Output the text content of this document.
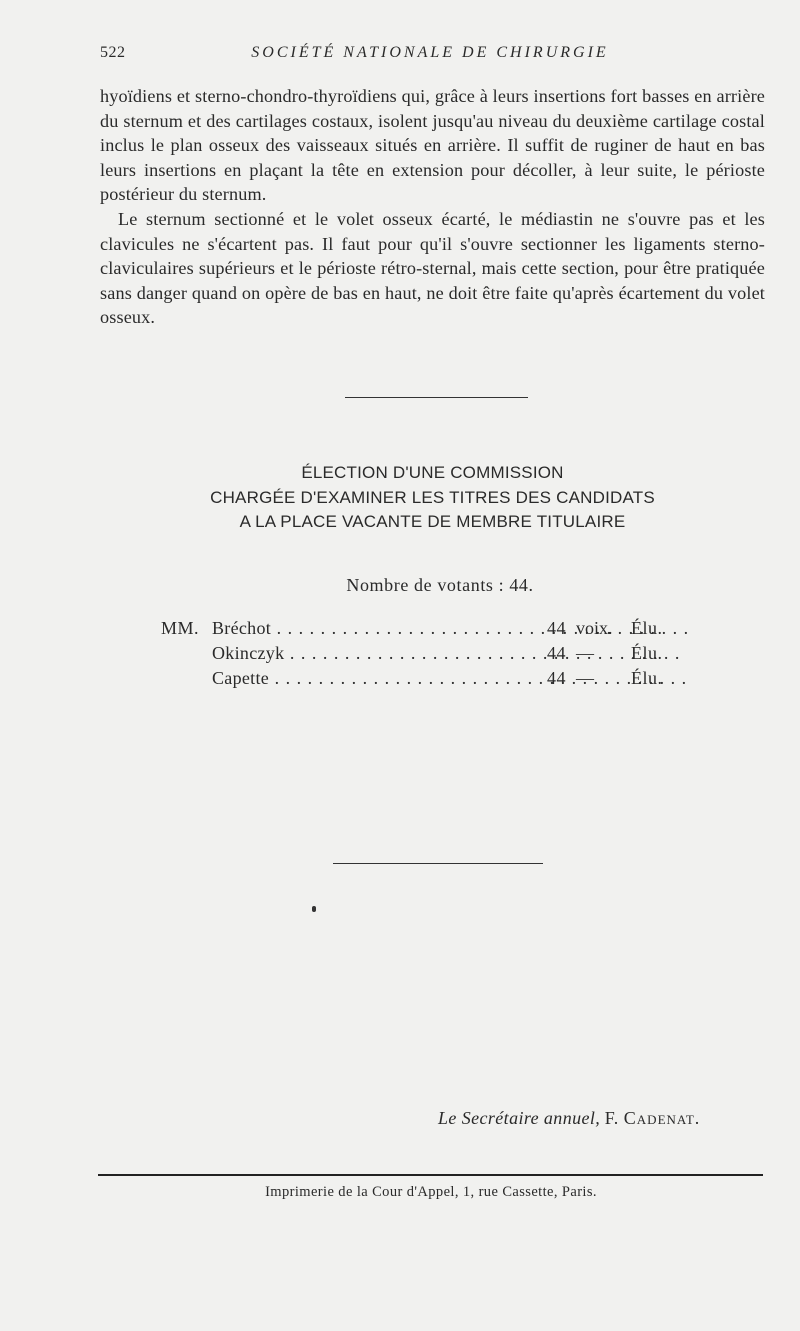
522	SOCIÉTÉ NATIONALE DE CHIRURGIE

hyoïdiens et sterno-chondro-thyroïdiens qui, grâce à leurs insertions fort basses en arrière du sternum et des cartilages costaux, isolent jusqu'au niveau du deuxième cartilage costal inclus le plan osseux des vaisseaux situés en arrière. Il suffit de ruginer de haut en bas leurs insertions en plaçant la tête en extension pour décoller, à leur suite, le périoste postérieur du sternum.

Le sternum sectionné et le volet osseux écarté, le médiastin ne s'ouvre pas et les clavicules ne s'écartent pas. Il faut pour qu'il s'ouvre sectionner les ligaments sterno-claviculaires supérieurs et le périoste rétro-sternal, mais cette section, pour être pratiquée sans danger quand on opère de bas en haut, ne doit être faite qu'après écartement du volet osseux.

ÉLECTION D'UNE COMMISSION
CHARGÉE D'EXAMINER LES TITRES DES CANDIDATS
A LA PLACE VACANTE DE MEMBRE TITULAIRE
Nombre de votants : 44.
MM. Bréchot . . .	44 voix. Élu.
Okinczyk . . .	44 — Élu.
Capette . . .	44 — Élu.
Le Secrétaire annuel, F. Cadenat.
Imprimerie de la Cour d'Appel, 1, rue Cassette, Paris.
